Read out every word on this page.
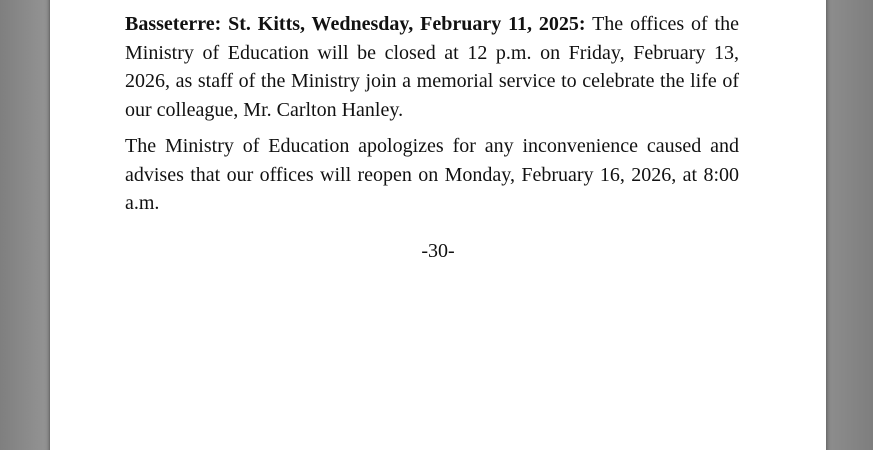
Basseterre: St. Kitts, Wednesday, February 11, 2025: The offices of the Ministry of Education will be closed at 12 p.m. on Friday, February 13, 2026, as staff of the Ministry join a memorial service to celebrate the life of our colleague, Mr. Carlton Hanley.

The Ministry of Education apologizes for any inconvenience caused and advises that our offices will reopen on Monday, February 16, 2026, at 8:00 a.m.

-30-
